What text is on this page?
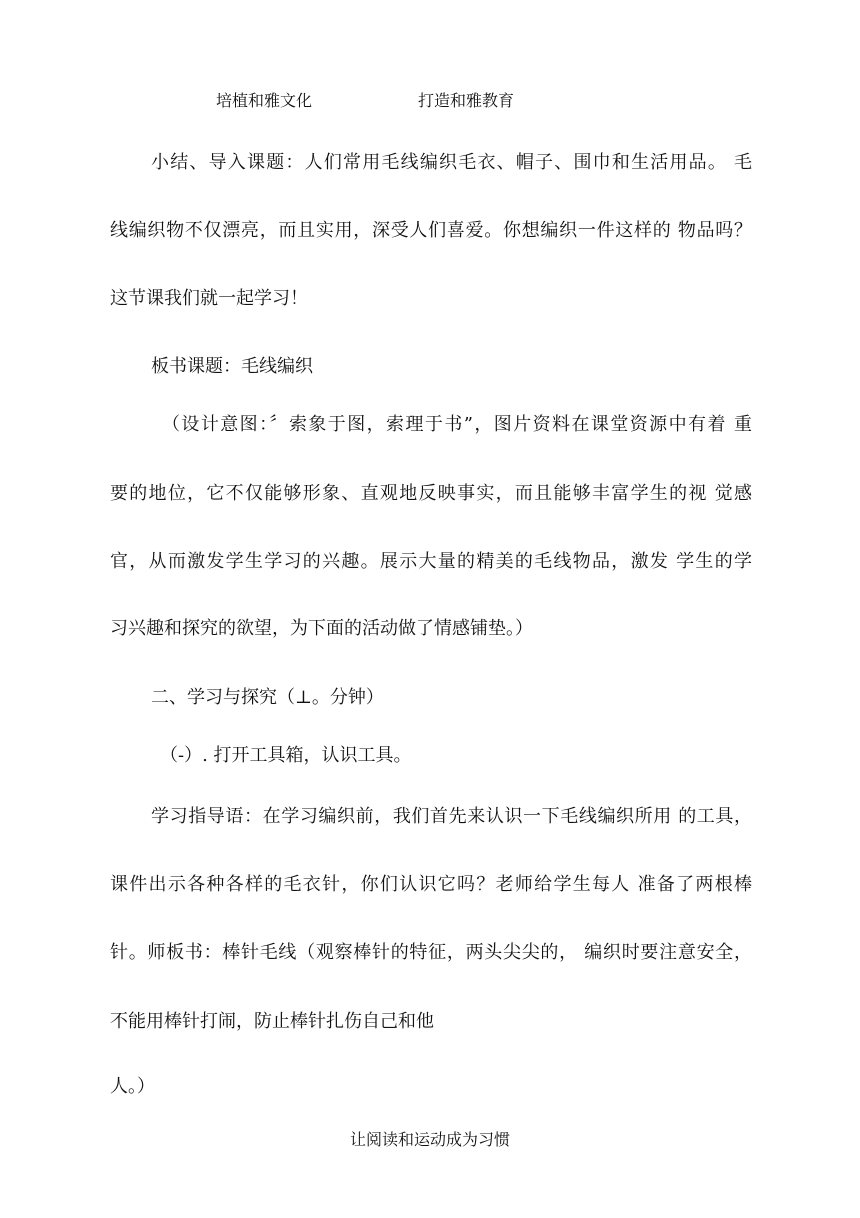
培植和雅文化	打造和雅教育
小结、导入课题：人们常用毛线编织毛衣、帽子、围巾和生活用品。 毛
线编织物不仅漂亮，而且实用，深受人们喜爱。你想编织一件这样的 物品吗？
这节课我们就一起学习！
板书课题：毛线编织
（设计意图：〞索象于图，索理于书”，图片资料在课堂资源中有着 重
要的地位，它不仅能够形象、直观地反映事实，而且能够丰富学生的视 觉感
官，从而激发学生学习的兴趣。展示大量的精美的毛线物品，激发 学生的学
习兴趣和探究的欲望，为下面的活动做了情感铺垫。）
二、学习与探究（⊥。分钟）
（-）. 打开工具箱，认识工具。
学习指导语：在学习编织前，我们首先来认识一下毛线编织所用 的工具，
课件出示各种各样的毛衣针，你们认识它吗？老师给学生每人 准备了两根棒
针。师板书：棒针毛线（观察棒针的特征，两头尖尖的， 编织时要注意安全，
不能用棒针打闹，防止棒针扎伤自己和他
人。）
让阅读和运动成为习惯
